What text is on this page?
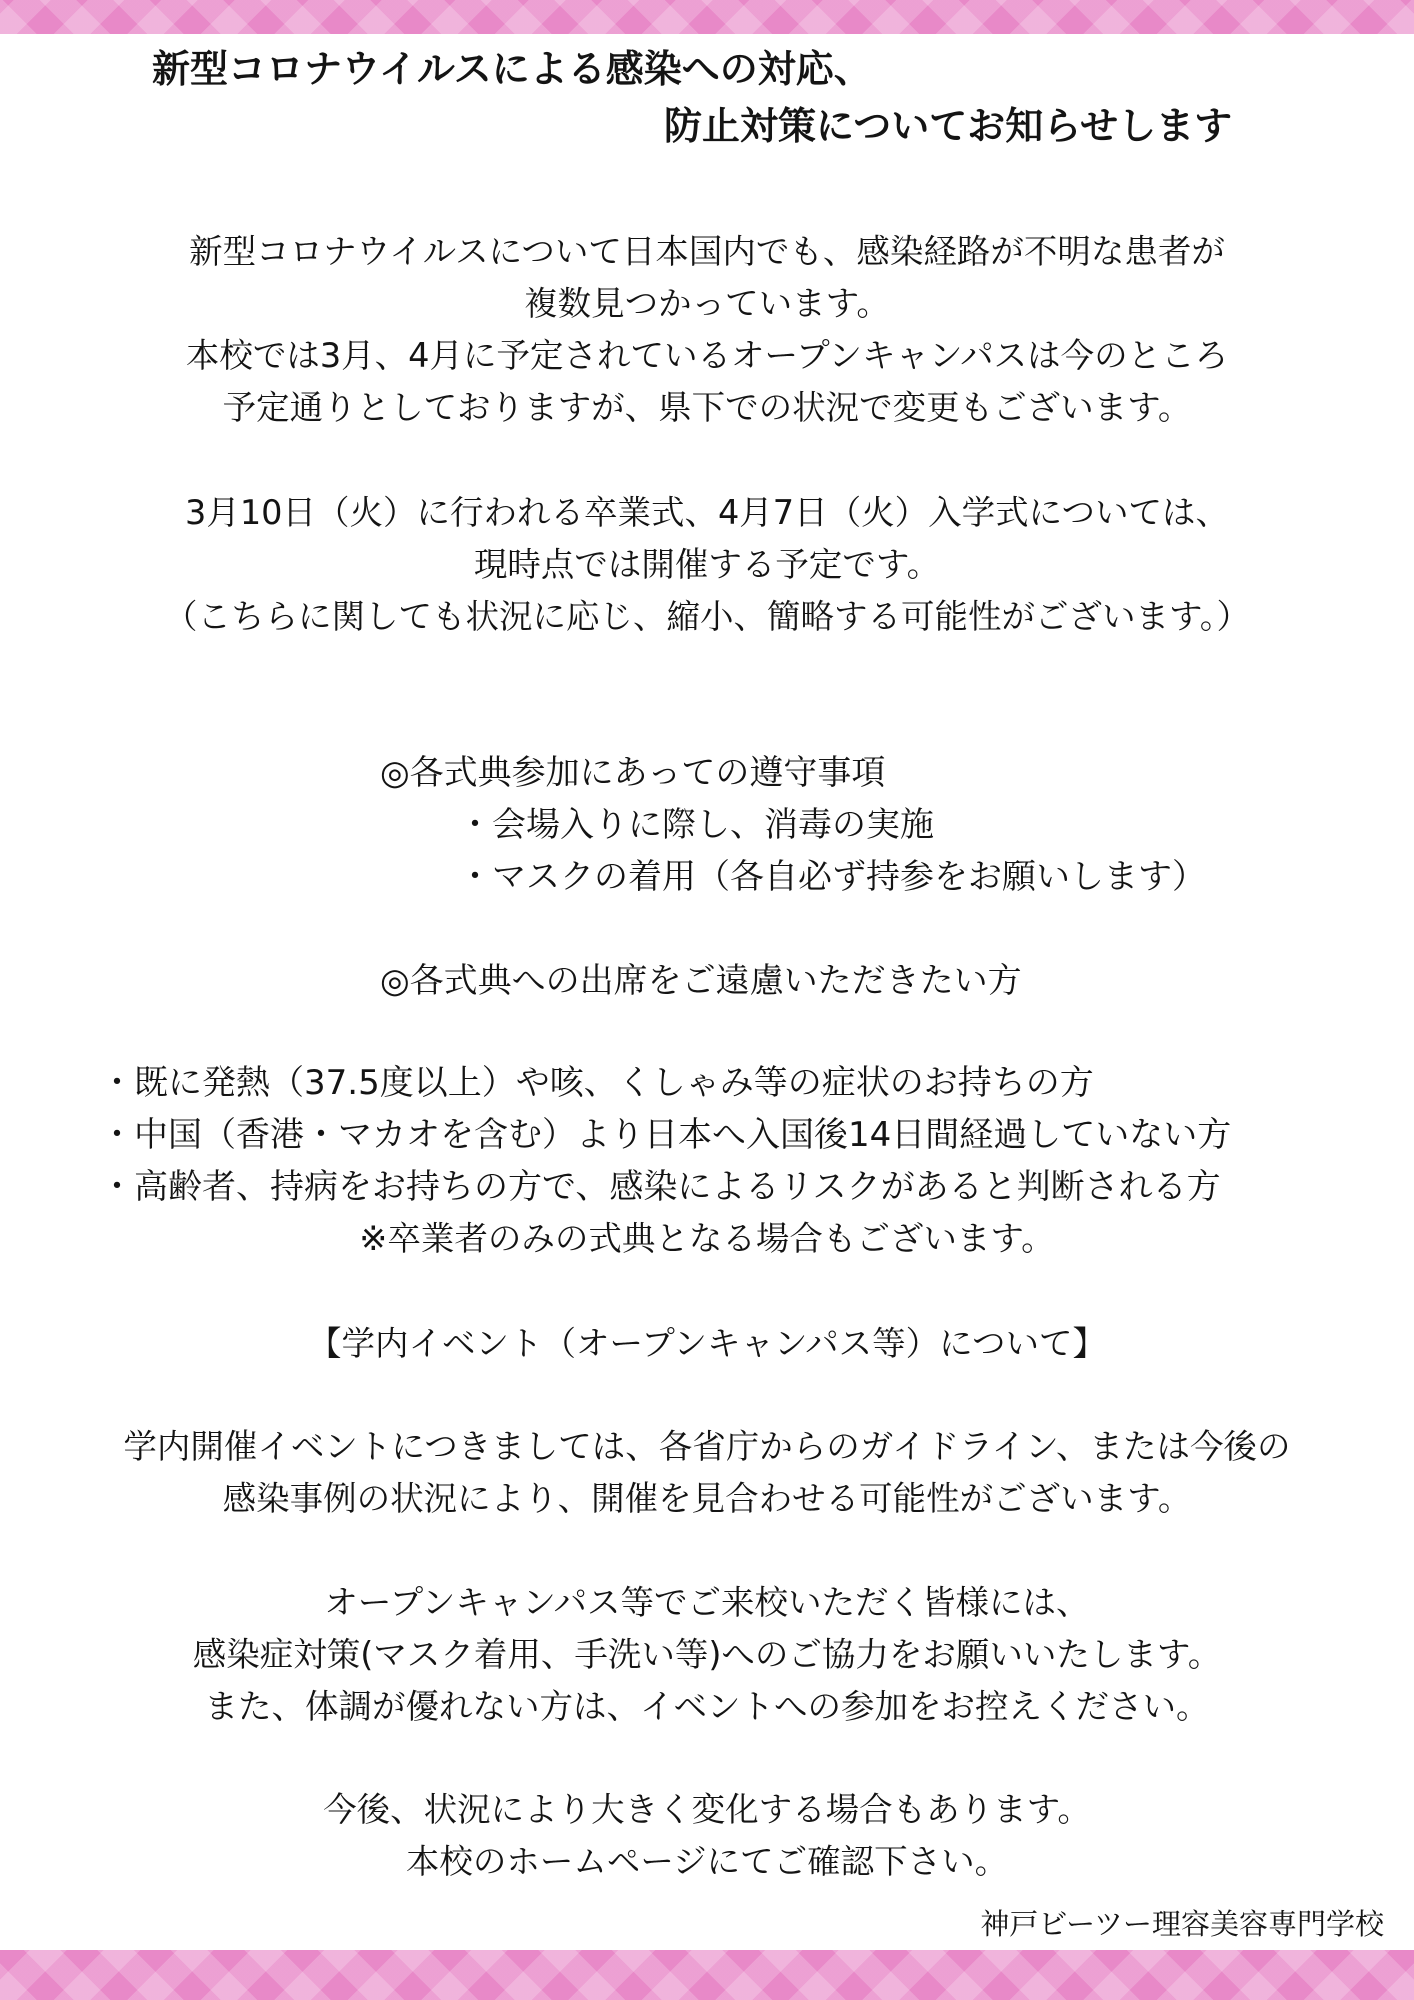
新型コロナウイルスによる感染への対応、
防止対策についてお知らせします

新型コロナウイルスについて日本国内でも、感染経路が不明な患者が

複数見つかっています。

本校では3月、4月に予定されているオープンキャンパスは今のところ

予定通りとしておりますが、県下での状況で変更もございます。

3月10日（火）に行われる卒業式、4月7日（火）入学式については、

現時点では開催する予定です。

（こちらに関しても状況に応じ、縮小、簡略する可能性がございます。）

◎各式典参加にあっての遵守事項

・会場入りに際し、消毒の実施

・マスクの着用（各自必ず持参をお願いします）

◎各式典への出席をご遠慮いただきたい方

・既に発熱（37.5度以上）や咳、くしゃみ等の症状のお持ちの方

・中国（香港・マカオを含む）より日本へ入国後14日間経過していない方

・高齢者、持病をお持ちの方で、感染によるリスクがあると判断される方

※卒業者のみの式典となる場合もございます。

【学内イベント（オープンキャンパス等）について】

学内開催イベントにつきましては、各省庁からのガイドライン、または今後の

感染事例の状況により、開催を見合わせる可能性がございます。

オープンキャンパス等でご来校いただく皆様には、

感染症対策(マスク着用、手洗い等)へのご協力をお願いいたします。

また、体調が優れない方は、イベントへの参加をお控えください。

今後、状況により大きく変化する場合もあります。

本校のホームページにてご確認下さい。

神戸ビーツー理容美容専門学校
